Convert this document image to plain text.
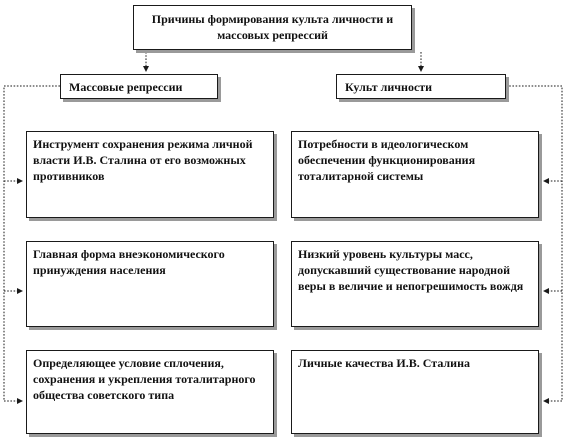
Причины формирования культа личности и массовых репрессий
Массовые репрессии	Культ личности
Инструмент сохранения режима личной власти И.В. Сталина от его возможных противников
Главная форма внеэкономического принуждения населения
Определяющее условие сплочения, сохранения и укрепления тоталитарного общества советского типа
Потребности в идеологическом обеспечении функционирования тоталитарной системы
Низкий уровень культуры масс, допускавший существование народной веры в величие и непогрешимость вождя
Личные качества И.В. Сталина
